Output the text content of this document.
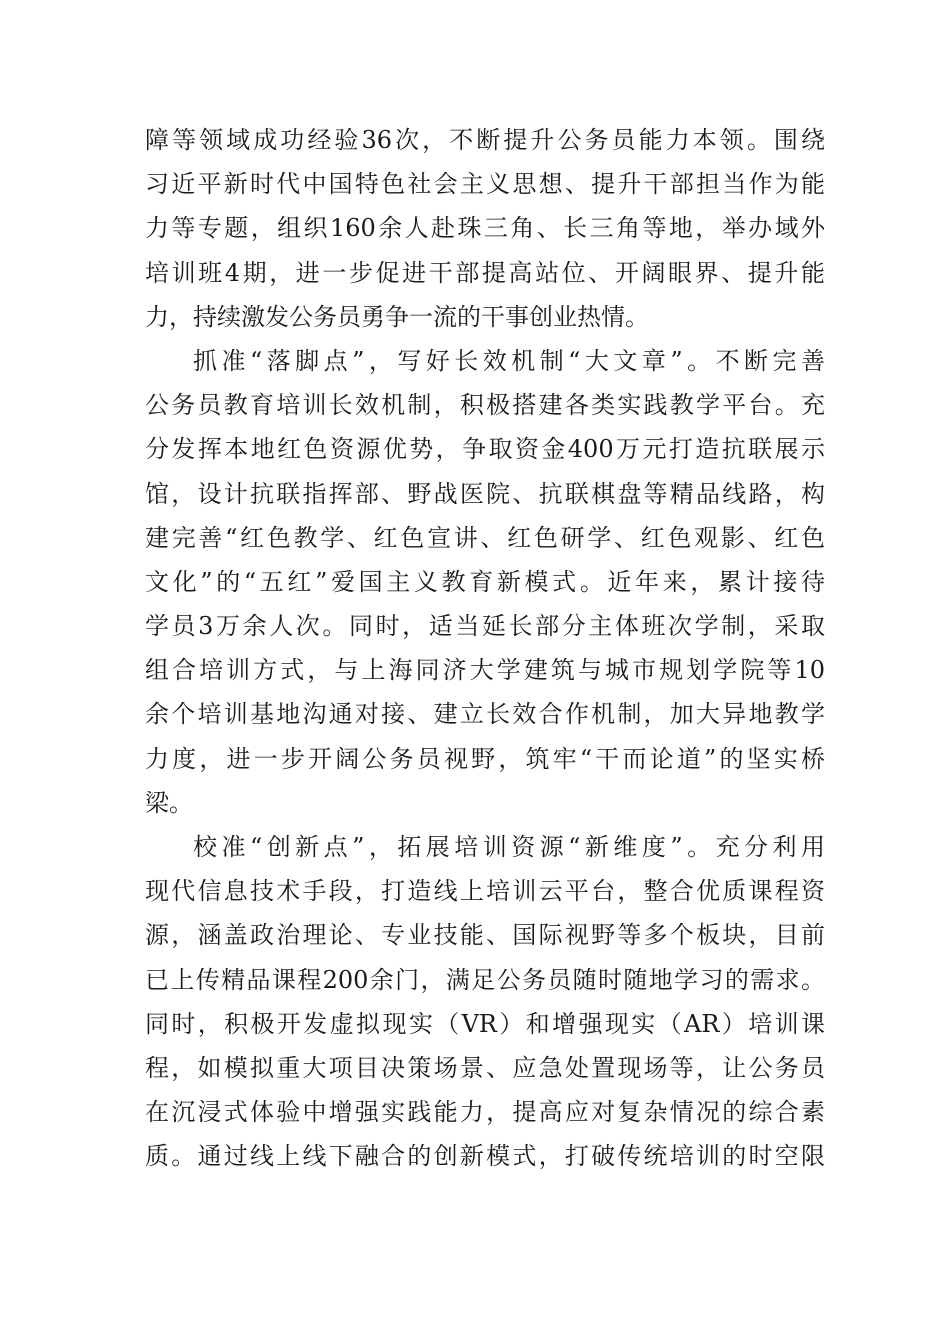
障等领域成功经验36次，不断提升公务员能力本领。围绕
习近平新时代中国特色社会主义思想、提升干部担当作为能
力等专题，组织160余人赴珠三角、长三角等地，举办域外
培训班4期，进一步促进干部提高站位、开阔眼界、提升能
力，持续激发公务员勇争一流的干事创业热情。
抓准“落脚点”，写好长效机制“大文章”。不断完善
公务员教育培训长效机制，积极搭建各类实践教学平台。充
分发挥本地红色资源优势，争取资金400万元打造抗联展示
馆，设计抗联指挥部、野战医院、抗联棋盘等精品线路，构
建完善“红色教学、红色宣讲、红色研学、红色观影、红色
文化”的“五红”爱国主义教育新模式。近年来，累计接待
学员3万余人次。同时，适当延长部分主体班次学制，采取
组合培训方式，与上海同济大学建筑与城市规划学院等10
余个培训基地沟通对接、建立长效合作机制，加大异地教学
力度，进一步开阔公务员视野，筑牢“干而论道”的坚实桥
梁。
校准“创新点”，拓展培训资源“新维度”。充分利用
现代信息技术手段，打造线上培训云平台，整合优质课程资
源，涵盖政治理论、专业技能、国际视野等多个板块，目前
已上传精品课程200余门，满足公务员随时随地学习的需求。
同时，积极开发虚拟现实（VR）和增强现实（AR）培训课
程，如模拟重大项目决策场景、应急处置现场等，让公务员
在沉浸式体验中增强实践能力，提高应对复杂情况的综合素
质。通过线上线下融合的创新模式，打破传统培训的时空限
